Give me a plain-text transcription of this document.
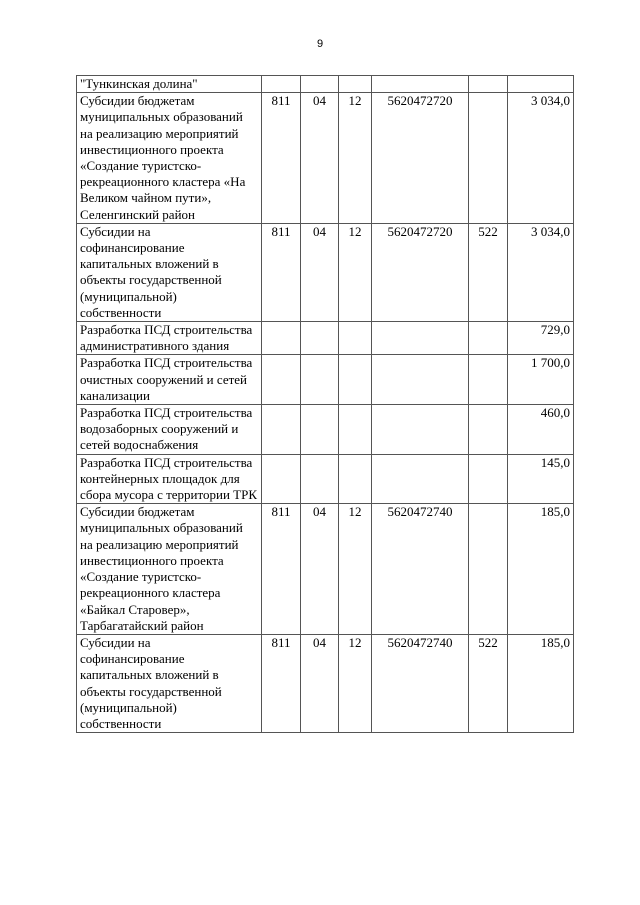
9
"Тункинская долина"						
Субсидии бюджетам муниципальных образований на реализацию мероприятий инвестиционного проекта «Создание туристско-рекреационного кластера «На Великом чайном пути», Селенгинский район	811	04	12	5620472720		3 034,0
Субсидии на софинансирование капитальных вложений в объекты государственной (муниципальной) собственности	811	04	12	5620472720	522	3 034,0
Разработка ПСД строительства административного здания						729,0
Разработка ПСД строительства очистных сооружений и сетей канализации						1 700,0
Разработка ПСД строительства водозаборных сооружений и сетей водоснабжения						460,0
Разработка ПСД строительства контейнерных площадок для сбора мусора с территории ТРК						145,0
Субсидии бюджетам муниципальных образований на реализацию мероприятий инвестиционного проекта «Создание туристско-рекреационного кластера «Байкал Старовер», Тарбагатайский район	811	04	12	5620472740		185,0
Субсидии на софинансирование капитальных вложений в объекты государственной (муниципальной) собственности	811	04	12	5620472740	522	185,0
